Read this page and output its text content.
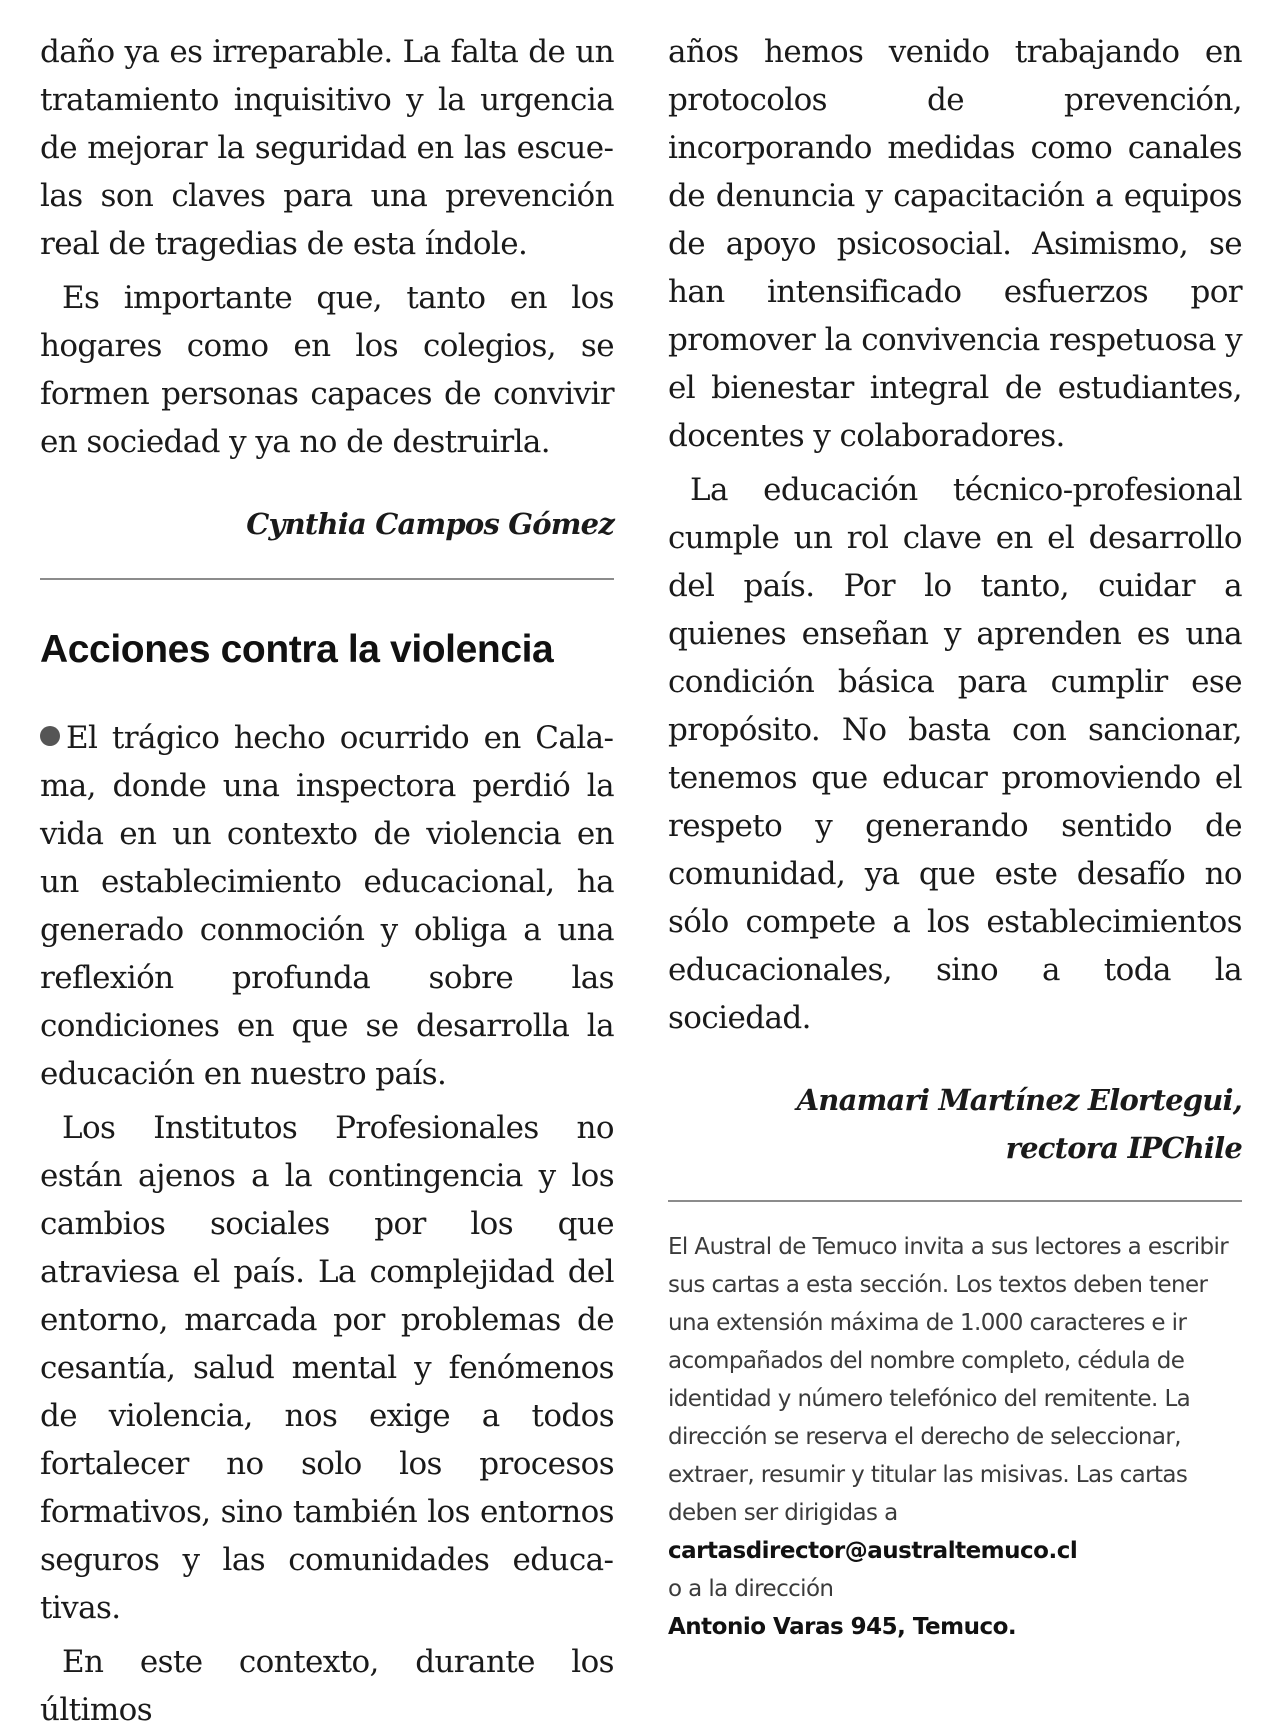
daño ya es irreparable. La falta de un tratamiento inquisitivo y la urgencia de mejorar la seguridad en las escuelas son claves para una prevención real de tragedias de esta índole.

Es importante que, tanto en los hogares como en los colegios, se formen personas capaces de convivir en sociedad y ya no de destruirla.

Cynthia Campos Gómez

Acciones contra la violencia

El trágico hecho ocurrido en Calama, donde una inspectora perdió la vida en un contexto de violencia en un establecimiento educacional, ha generado conmoción y obliga a una reflexión profunda sobre las condiciones en que se desarrolla la educación en nuestro país.

Los Institutos Profesionales no están ajenos a la contingencia y los cambios sociales por los que atraviesa el país. La complejidad del entorno, marcada por problemas de cesantía, salud mental y fenómenos de violencia, nos exige a todos fortalecer no solo los procesos formativos, sino también los entornos seguros y las comunidades educativas.

En este contexto, durante los últimos

años hemos venido trabajando en protocolos de prevención, incorporando medidas como canales de denuncia y capacitación a equipos de apoyo psicosocial. Asimismo, se han intensificado esfuerzos por promover la convivencia respetuosa y el bienestar integral de estudiantes, docentes y colaboradores.

La educación técnico-profesional cumple un rol clave en el desarrollo del país. Por lo tanto, cuidar a quienes enseñan y aprenden es una condición básica para cumplir ese propósito. No basta con sancionar, tenemos que educar promoviendo el respeto y generando sentido de comunidad, ya que este desafío no sólo compete a los establecimientos educacionales, sino a toda la sociedad.

Anamari Martínez Elortegui,

rectora IPChile

El Austral de Temuco invita a sus lectores a escribir sus cartas a esta sección. Los textos deben tener una extensión máxima de 1.000 caracteres e ir acompañados del nombre completo, cédula de identidad y número telefónico del remitente. La dirección se reserva el derecho de seleccionar, extraer, resumir y titular las misivas. Las cartas deben ser dirigidas a

cartasdirector@australtemuco.cl

o a la dirección

Antonio Varas 945, Temuco.
